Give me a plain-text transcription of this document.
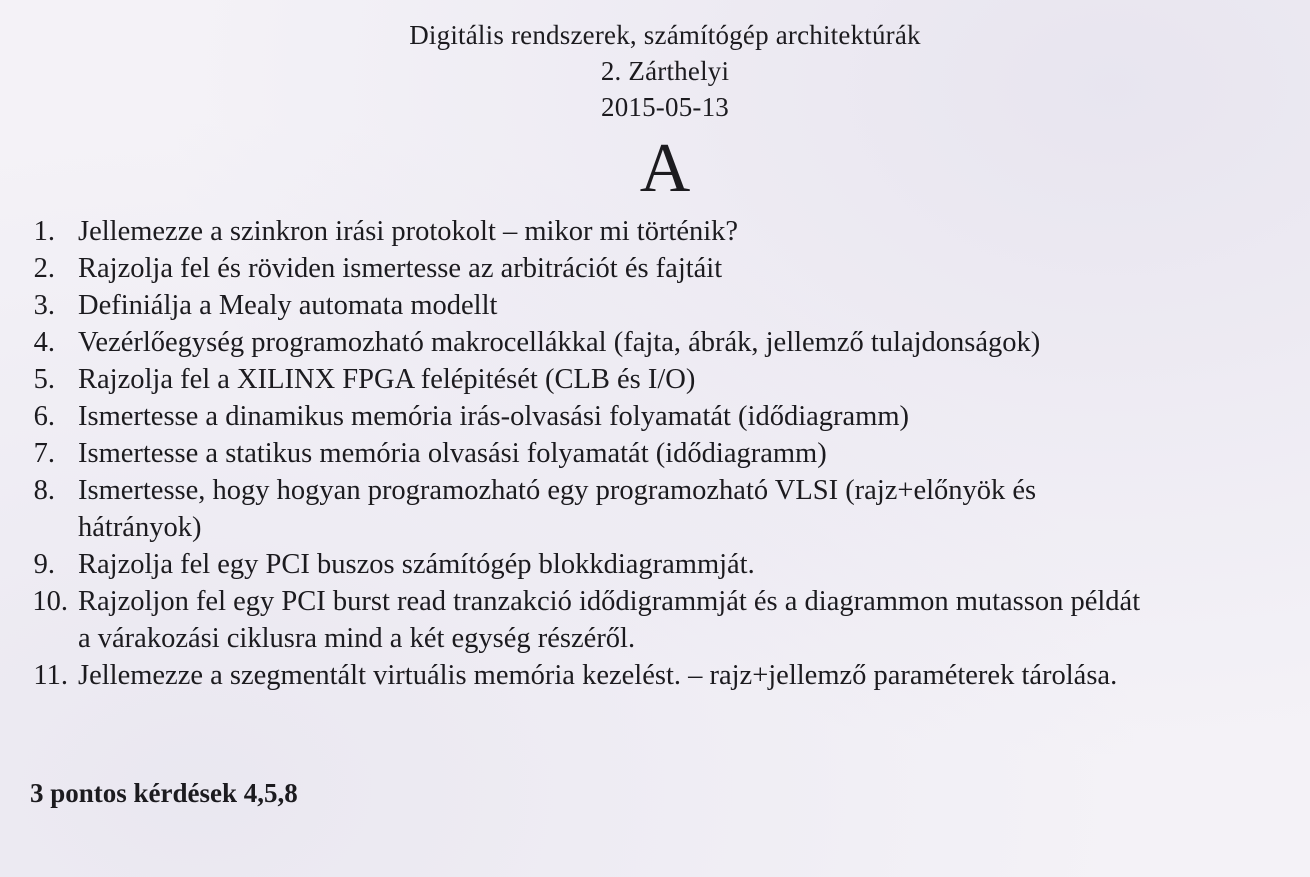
Digitális rendszerek, számítógép architektúrák
2. Zárthelyi
2015-05-13
A
1. Jellemezze a szinkron irási protokolt – mikor mi történik?
2. Rajzolja fel és röviden ismertesse az arbitrációt és fajtáit
3. Definiálja a Mealy automata modellt
4. Vezérlőegység programozható makrocellákkal (fajta, ábrák, jellemző tulajdonságok)
5. Rajzolja fel a XILINX FPGA felépitését (CLB és I/O)
6. Ismertesse a dinamikus memória irás-olvasási folyamatát (idődiagramm)
7. Ismertesse a statikus memória olvasási folyamatát (idődiagramm)
8. Ismertesse, hogy hogyan programozható egy programozható VLSI (rajz+előnyök és
hátrányok)
9. Rajzolja fel egy PCI buszos számítógép blokkdiagrammját.
10. Rajzoljon fel egy PCI burst read tranzakció idődigrammját és a diagrammon mutasson példát
a várakozási ciklusra mind a két egység részéről.
11. Jellemezze a szegmentált virtuális memória kezelést. – rajz+jellemző paraméterek tárolása.
3 pontos kérdések 4,5,8
